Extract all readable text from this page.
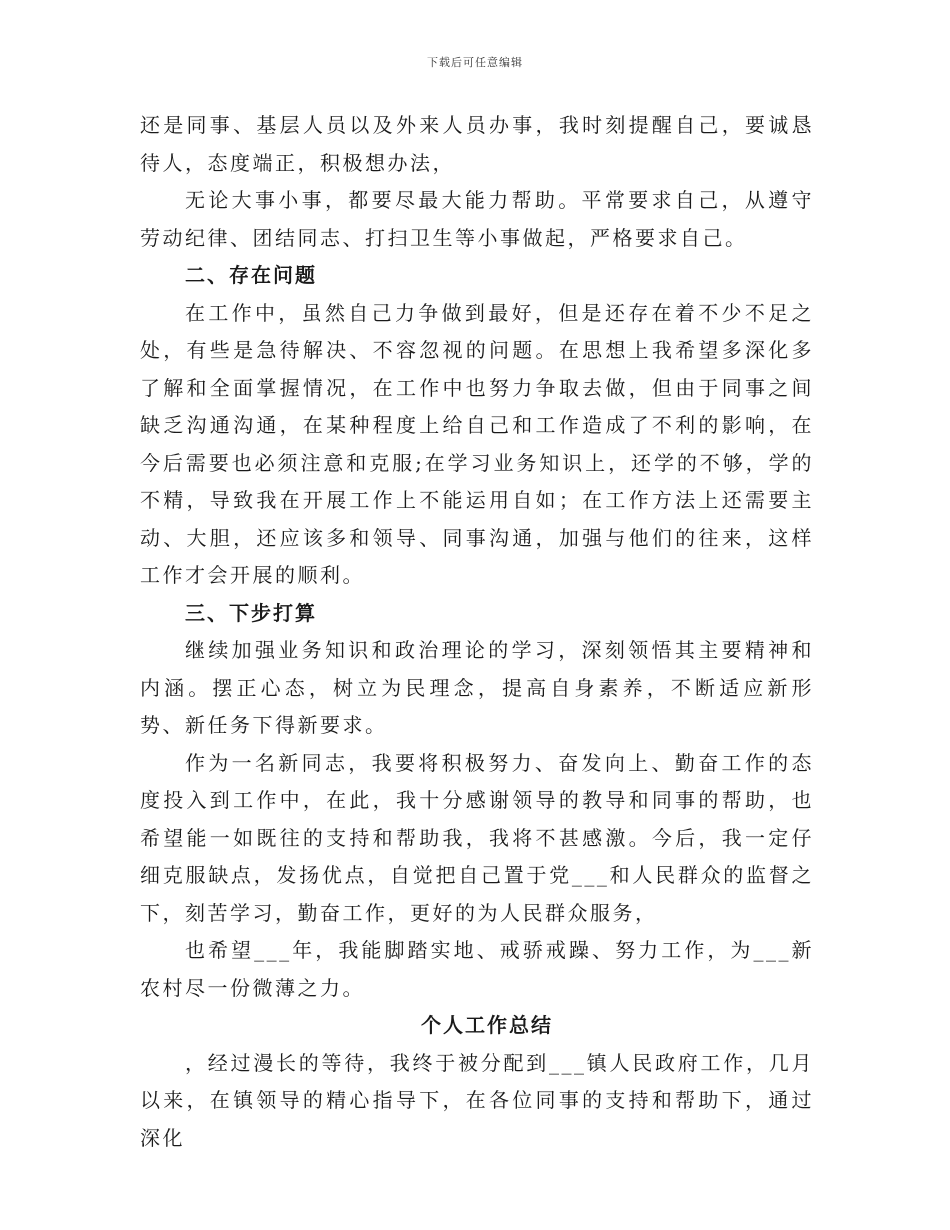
下载后可任意编辑

还是同事、基层人员以及外来人员办事，我时刻提醒自己，要诚恳待人，态度端正，积极想办法，

无论大事小事，都要尽最大能力帮助。平常要求自己，从遵守劳动纪律、团结同志、打扫卫生等小事做起，严格要求自己。

二、存在问题

在工作中，虽然自己力争做到最好，但是还存在着不少不足之处，有些是急待解决、不容忽视的问题。在思想上我希望多深化多了解和全面掌握情况，在工作中也努力争取去做，但由于同事之间缺乏沟通沟通，在某种程度上给自己和工作造成了不利的影响，在今后需要也必须注意和克服;在学习业务知识上，还学的不够，学的不精，导致我在开展工作上不能运用自如；在工作方法上还需要主动、大胆，还应该多和领导、同事沟通，加强与他们的往来，这样工作才会开展的顺利。

三、下步打算

继续加强业务知识和政治理论的学习，深刻领悟其主要精神和内涵。摆正心态，树立为民理念，提高自身素养，不断适应新形势、新任务下得新要求。

作为一名新同志，我要将积极努力、奋发向上、勤奋工作的态度投入到工作中，在此，我十分感谢领导的教导和同事的帮助，也希望能一如既往的支持和帮助我，我将不甚感激。今后，我一定仔细克服缺点，发扬优点，自觉把自己置于党___和人民群众的监督之下，刻苦学习，勤奋工作，更好的为人民群众服务，

也希望___年，我能脚踏实地、戒骄戒躁、努力工作，为___新农村尽一份微薄之力。

个人工作总结

，经过漫长的等待，我终于被分配到___镇人民政府工作，几月以来，在镇领导的精心指导下，在各位同事的支持和帮助下，通过深化
